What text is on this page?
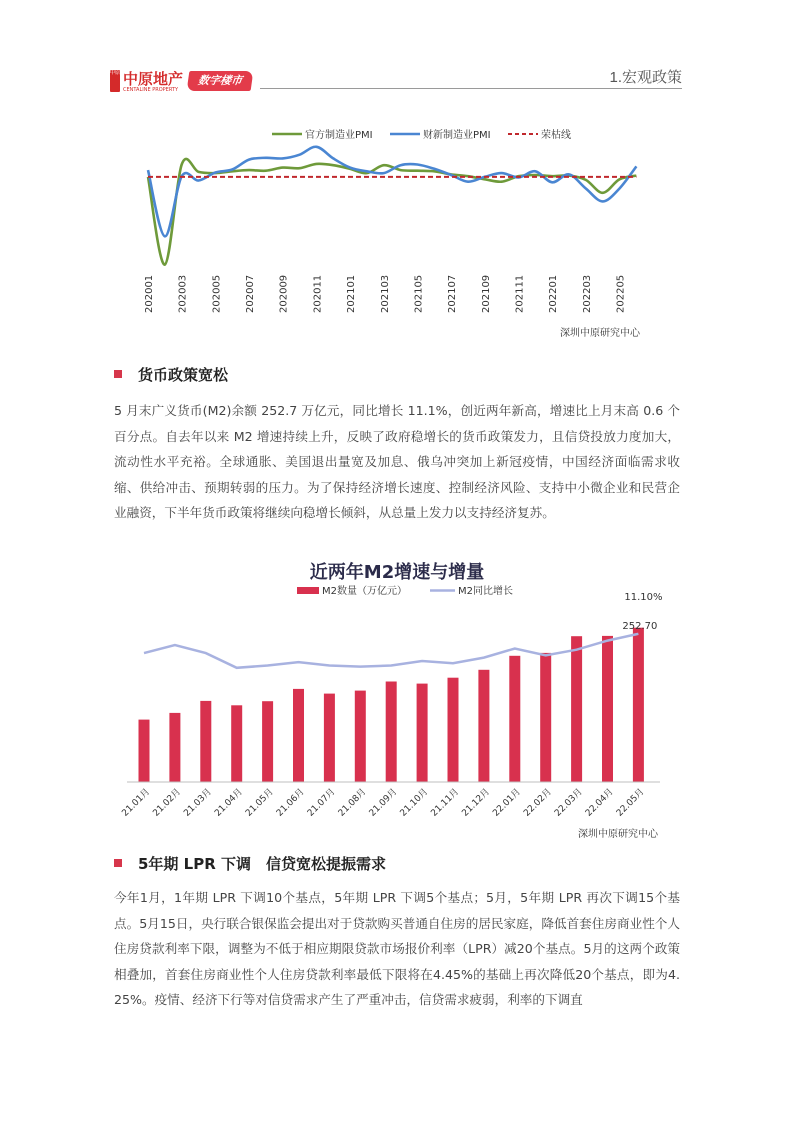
中原 中原地产
CENTALINE PROPERTY
数字楼市	1.宏观政策
官方制造业PMI	财新制造业PMI	荣枯线
202001 202003 202005 202007 202009 202011 202101 202103 202105 202107 202109 202111 202201 202203 202205
深圳中原研究中心
货币政策宽松
5 月末广义货币(M2)余额 252.7 万亿元，同比增长 11.1%，创近两年新高，增速比上月末高 0.6 个百分点。自去年以来 M2 增速持续上升，反映了政府稳增长的货币政策发力，且信贷投放力度加大，流动性水平充裕。全球通胀、美国退出量宽及加息、俄乌冲突加上新冠疫情，中国经济面临需求收缩、供给冲击、预期转弱的压力。为了保持经济增长速度、控制经济风险、支持中小微企业和民营企业融资，下半年货币政策将继续向稳增长倾斜，从总量上发力以支持经济复苏。
近两年M2增速与增量
M2数量（万亿元）	M2同比增长
21.01月 21.02月 21.03月 21.04月 21.05月 21.06月 21.07月 21.08月 21.09月 21.10月 21.11月 21.12月 22.01月 22.02月 22.03月 22.04月 22.05月
11.10%
252.70
深圳中原研究中心
5年期 LPR 下调　信贷宽松提振需求
今年1月，1年期 LPR 下调10个基点，5年期 LPR 下调5个基点；5月，5年期 LPR 再次下调15个基点。5月15日，央行联合银保监会提出对于贷款购买普通自住房的居民家庭，降低首套住房商业性个人住房贷款利率下限，调整为不低于相应期限贷款市场报价利率（LPR）减20个基点。5月的这两个政策相叠加，首套住房商业性个人住房贷款利率最低下限将在4.45%的基础上再次降低20个基点，即为4.25%。疫情、经济下行等对信贷需求产生了严重冲击，信贷需求疲弱，利率的下调直
